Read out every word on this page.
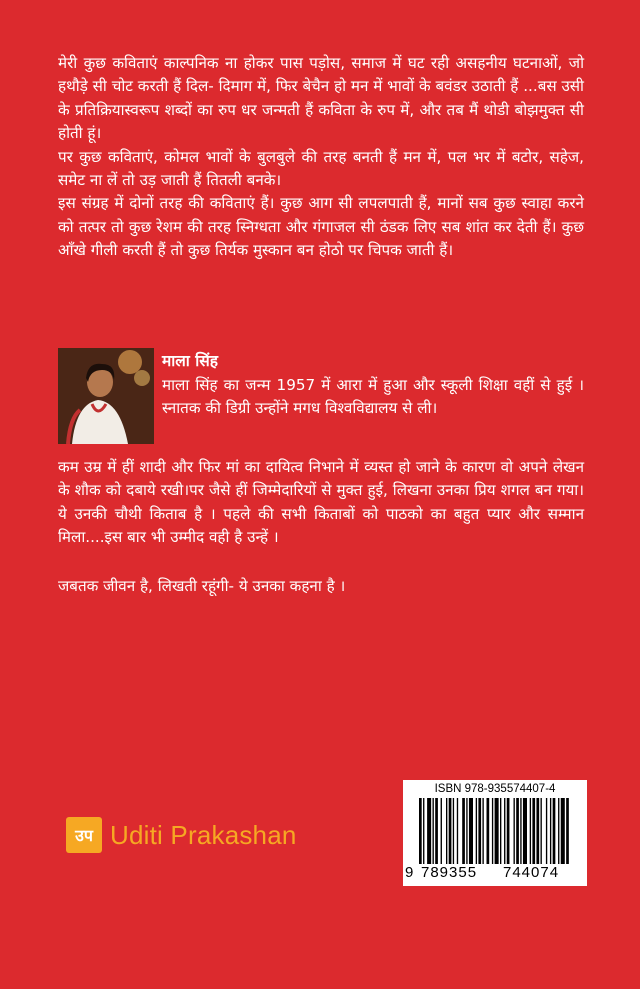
मेरी कुछ कविताएं काल्पनिक ना होकर पास पड़ोस, समाज में घट रही असहनीय घटनाओं, जो हथौड़े सी चोट करती हैं दिल- दिमाग में, फिर बेचैन हो मन में भावों के बवंडर उठाती हैं ...बस उसी के प्रतिक्रियास्वरूप शब्दों का रुप धर जन्मती हैं कविता के रुप में, और तब मैं थोडी बोझमुक्त सी होती हूं।

पर कुछ कविताएं, कोमल भावों के बुलबुले की तरह बनती हैं मन में, पल भर में बटोर, सहेज, समेट ना लें तो उड़ जाती हैं तितली बनके।

इस संग्रह में दोनों तरह की कविताएं हैं। कुछ आग सी लपलपाती हैं, मानों सब कुछ स्वाहा करने को तत्पर तो कुछ रेशम की तरह स्निग्धता और गंगाजल सी ठंडक लिए सब शांत कर देती हैं। कुछ आँखे गीली करती हैं तो कुछ तिर्यक मुस्कान बन होठो पर चिपक जाती हैं।

माला सिंह

माला सिंह का जन्म 1957 में आरा में हुआ और स्कूली शिक्षा वहीं से हुई । स्नातक की डिग्री उन्होंने मगध विश्वविद्यालय से ली।

कम उम्र में हीं शादी और फिर मां का दायित्व निभाने में व्यस्त हो जाने के कारण वो अपने लेखन के शौक को दबाये रखी।पर जैसे हीं जिम्मेदारियों से मुक्त हुई, लिखना उनका प्रिय शगल बन गया।ये उनकी चौथी किताब है । पहले की सभी किताबों को पाठको का बहुत प्यार और सम्मान मिला....इस बार भी उम्मीद वही है उन्हें ।

जबतक जीवन है, लिखती रहूंगी- ये उनका कहना है ।

उप Uditi Prakashan
ISBN 978-935574407-4
9 789355 744074
